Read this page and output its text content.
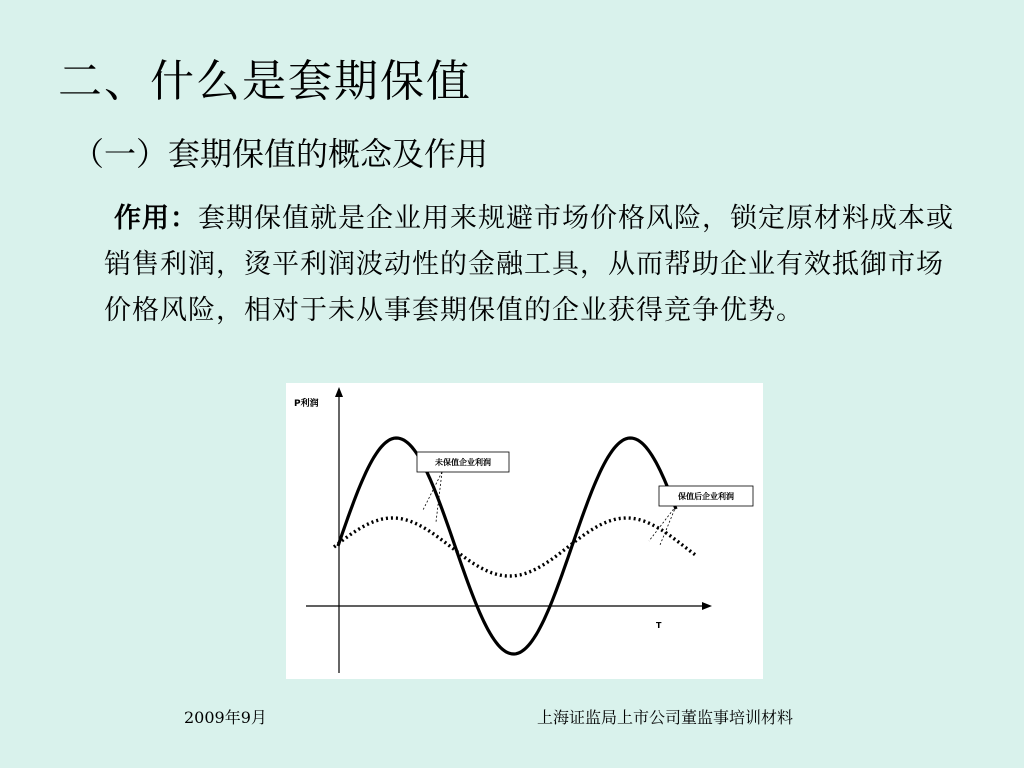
二、什么是套期保值
（一）套期保值的概念及作用
作用：套期保值就是企业用来规避市场价格风险，锁定原材料成本或销售利润，烫平利润波动性的金融工具，从而帮助企业有效抵御市场价格风险，相对于未从事套期保值的企业获得竞争优势。
P利润
T
未保值企业利润
保值后企业利润
2009年9月	上海证监局上市公司董监事培训材料
